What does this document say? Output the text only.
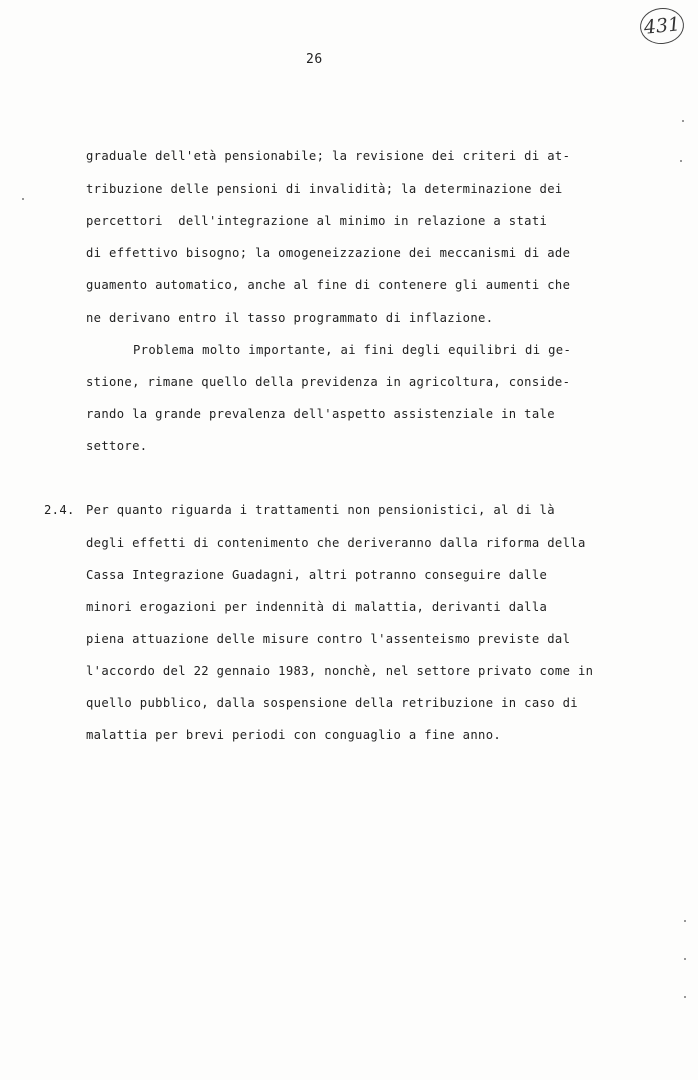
431
26
graduale dell'età pensionabile; la revisione dei criteri di at-
tribuzione delle pensioni di invalidità; la determinazione dei
percettori  dell'integrazione al minimo in relazione a stati
di effettivo bisogno; la omogeneizzazione dei meccanismi di ade
guamento automatico, anche al fine di contenere gli aumenti che
ne derivano entro il tasso programmato di inflazione.
Problema molto importante, ai fini degli equilibri di ge-
stione, rimane quello della previdenza in agricoltura, conside-
rando la grande prevalenza dell'aspetto assistenziale in tale
settore.
2.4. Per quanto riguarda i trattamenti non pensionistici, al di là
degli effetti di contenimento che deriveranno dalla riforma della
Cassa Integrazione Guadagni, altri potranno conseguire dalle
minori erogazioni per indennità di malattia, derivanti dalla
piena attuazione delle misure contro l'assenteismo previste dal
l'accordo del 22 gennaio 1983, nonchè, nel settore privato come in
quello pubblico, dalla sospensione della retribuzione in caso di
malattia per brevi periodi con conguaglio a fine anno.
